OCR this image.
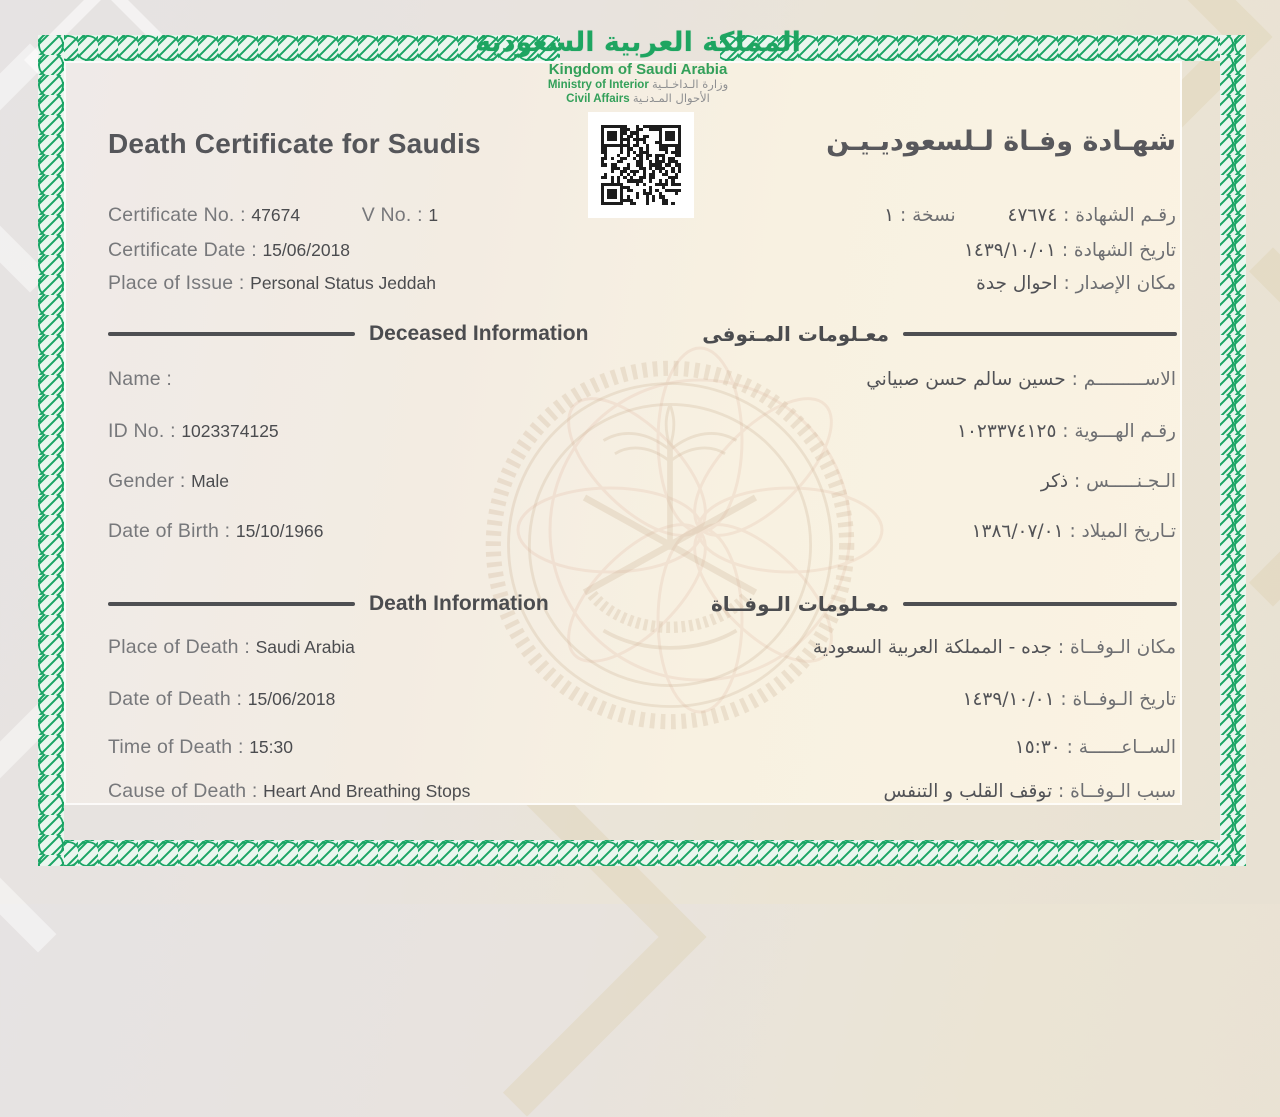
المملكة العربية السعودية
Kingdom of Saudi Arabia
Ministry of Interior وزارة الـداخـلـية
Civil Affairs الأحوال المـدنـية
Death Certificate for Saudis	شهـادة وفـاة لـلسعوديـيـن
Certificate No. : 47674	V No. : 1	رقـم الشهادة : ٤٧٦٧٤ نسخة : ١
Certificate Date : 15/06/2018	تاريخ الشهادة : ١٤٣٩/١٠/٠١
Place of Issue : Personal Status Jeddah	مكان الإصدار : احوال جدة
Deceased Information	معـلومات المـتوفى
Name :	الاســـــــــم : حسين سالم حسن صبياني
ID No. : 1023374125	رقـم الهـــوية : ١٠٢٣٣٧٤١٢٥
Gender : Male	الـجـنـــــس : ذكر
Date of Birth : 15/10/1966	تـاريخ الميلاد : ١٣٨٦/٠٧/٠١
Death Information	معـلومات الـوفــاة
Place of Death : Saudi Arabia	مكان الـوفــاة : جده - المملكة العربية السعودية
Date of Death : 15/06/2018	تاريخ الـوفــاة : ١٤٣٩/١٠/٠١
Time of Death : 15:30	الســاعــــــة : ١٥:٣٠
Cause of Death : Heart And Breathing Stops	سبب الـوفــاة : توقف القلب و التنفس
